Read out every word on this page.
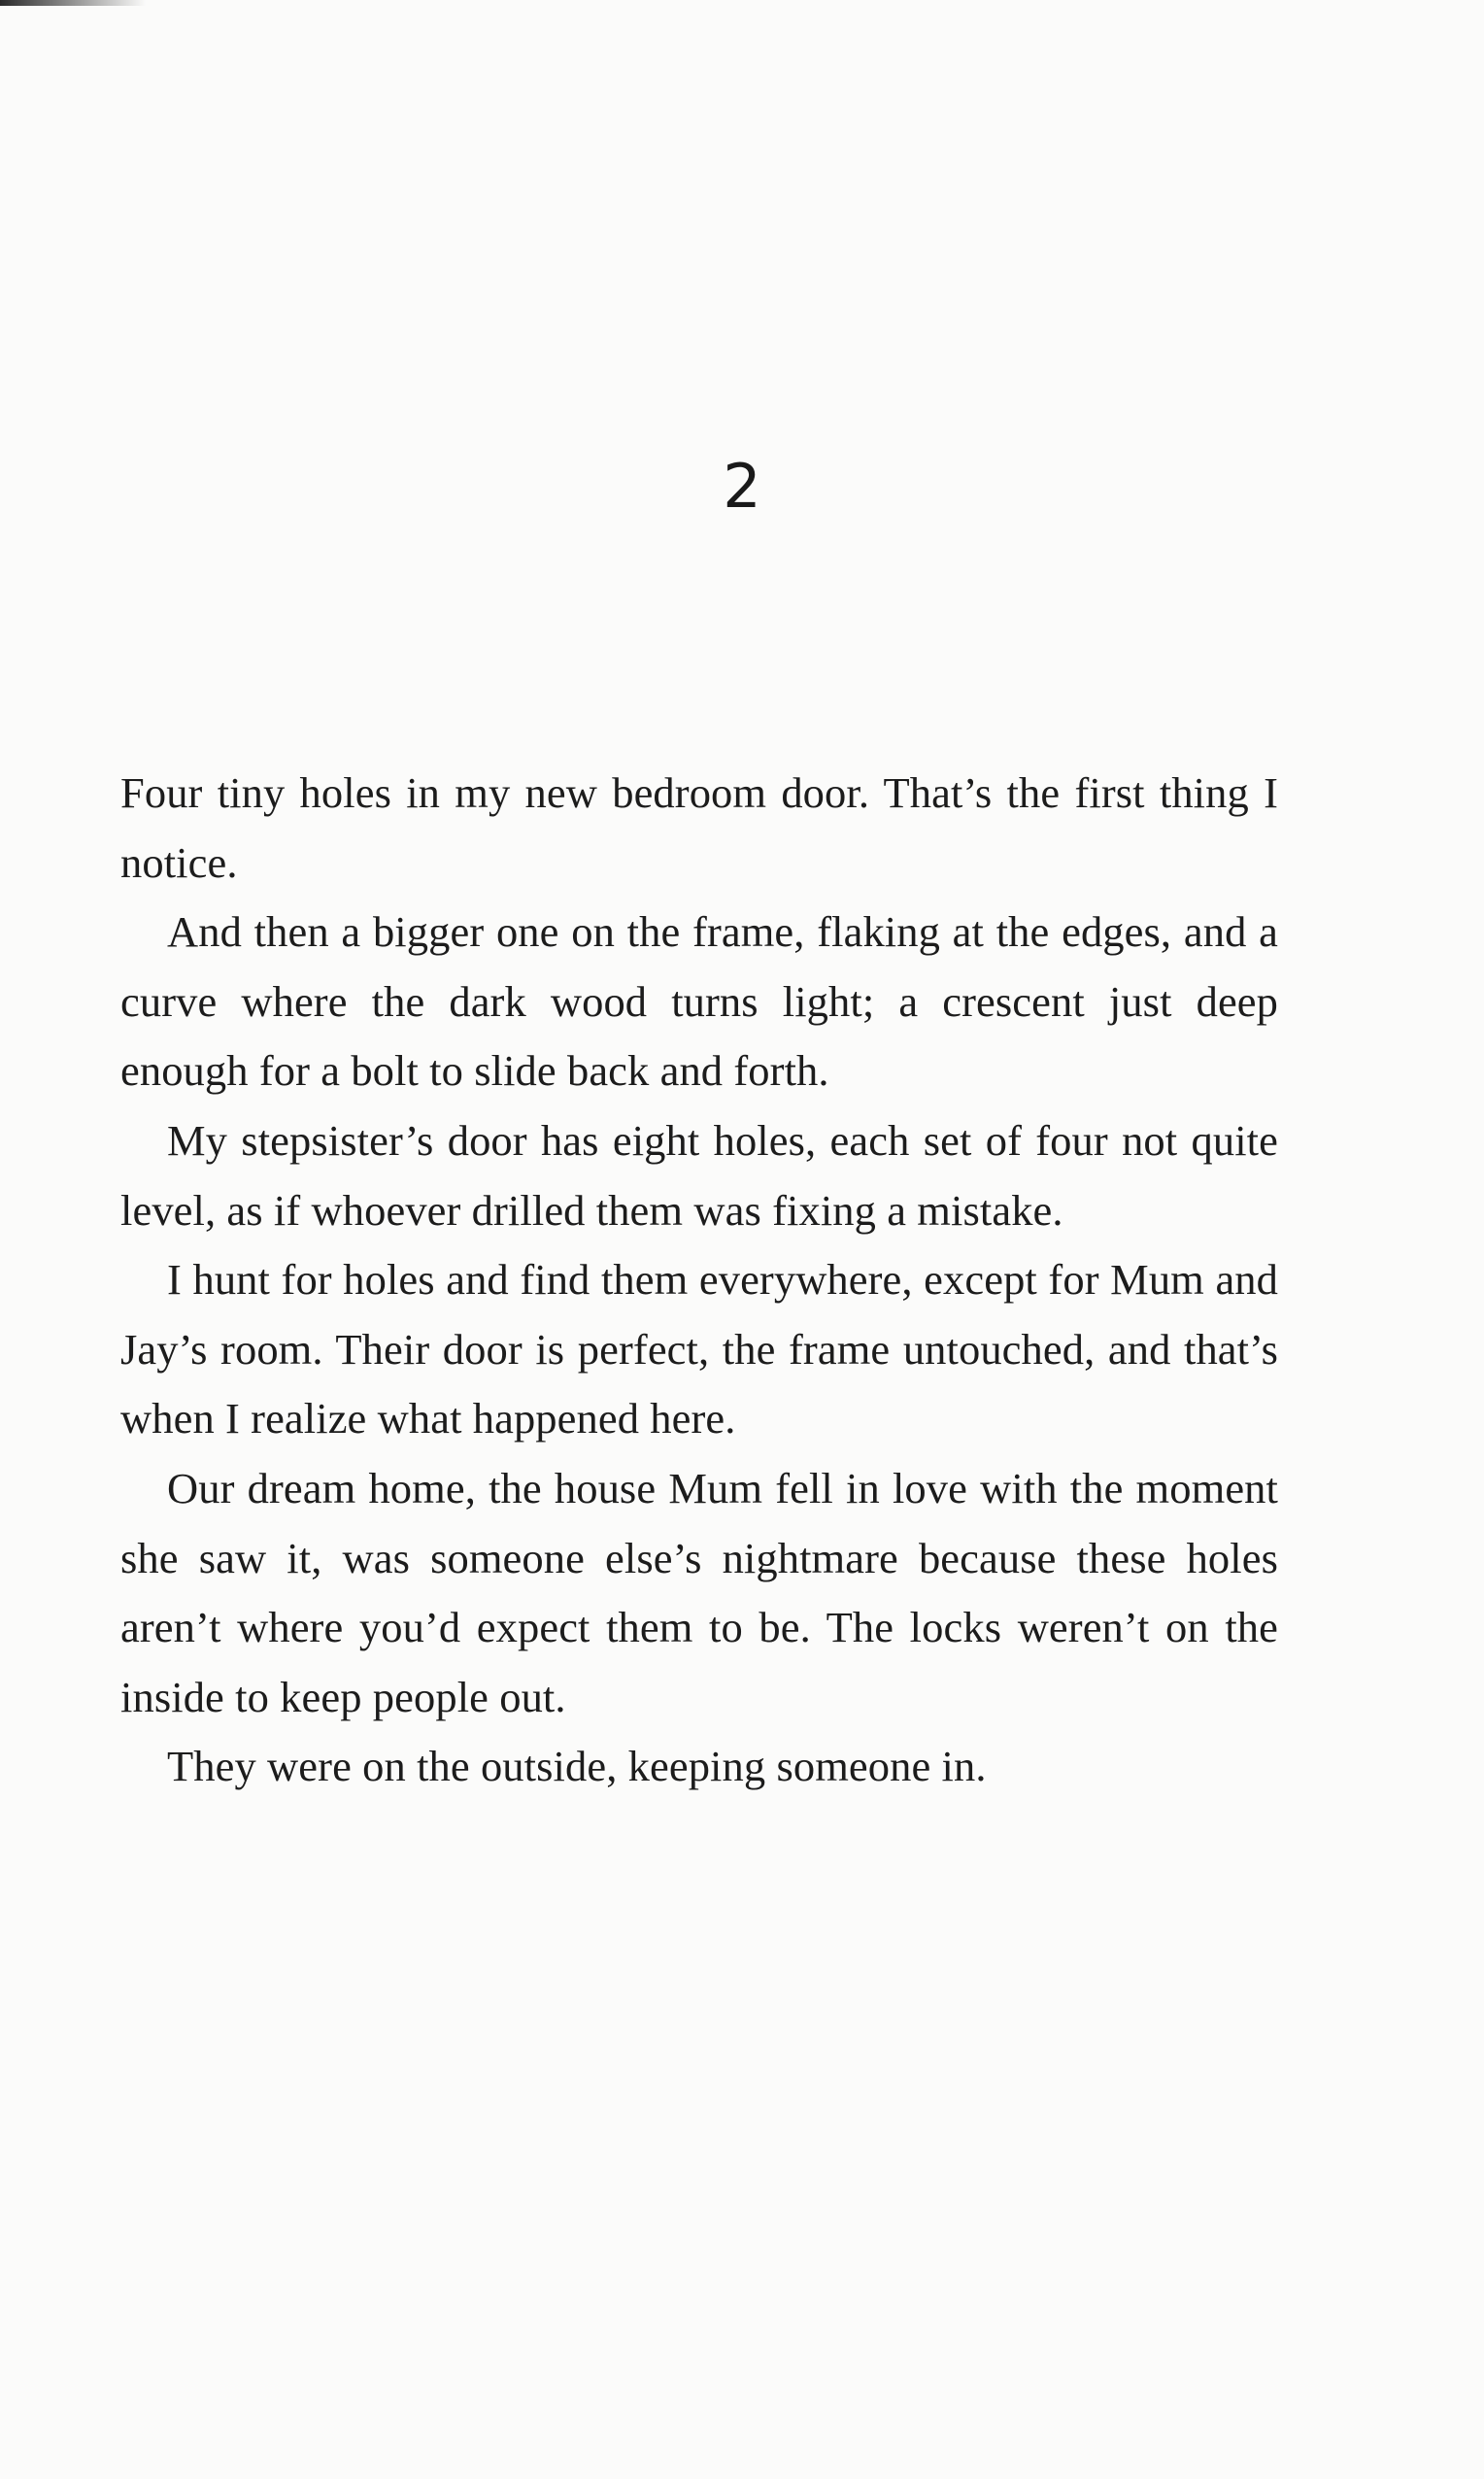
2

Four tiny holes in my new bedroom door. That’s the first thing I notice.

And then a bigger one on the frame, flaking at the edges, and a curve where the dark wood turns light; a crescent just deep enough for a bolt to slide back and forth.

My stepsister’s door has eight holes, each set of four not quite level, as if whoever drilled them was fixing a mistake.

I hunt for holes and find them everywhere, except for Mum and Jay’s room. Their door is perfect, the frame untouched, and that’s when I realize what happened here.

Our dream home, the house Mum fell in love with the moment she saw it, was someone else’s nightmare because these holes aren’t where you’d expect them to be. The locks weren’t on the inside to keep people out.

They were on the outside, keeping someone in.
